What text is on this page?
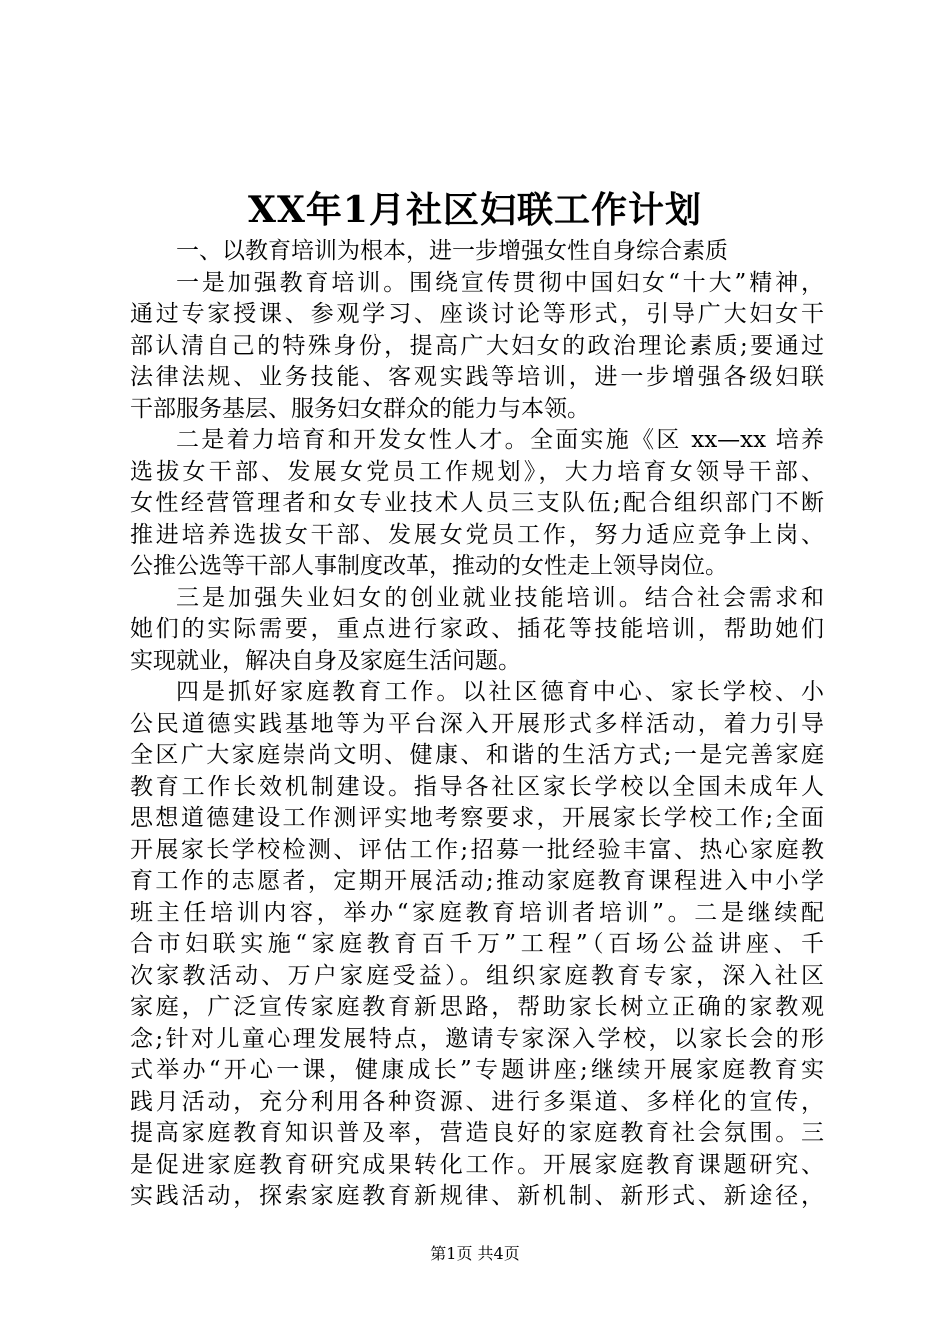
XX年1月社区妇联工作计划
一、以教育培训为根本，进一步增强女性自身综合素质
一是加强教育培训。围绕宣传贯彻中国妇女“十大”精神，
通过专家授课、参观学习、座谈讨论等形式，引导广大妇女干
部认清自己的特殊身份，提高广大妇女的政治理论素质;要通过
法律法规、业务技能、客观实践等培训，进一步增强各级妇联
干部服务基层、服务妇女群众的能力与本领。
二是着力培育和开发女性人才。全面实施《区 xx—xx 培养
选拔女干部、发展女党员工作规划》，大力培育女领导干部、
女性经营管理者和女专业技术人员三支队伍;配合组织部门不断
推进培养选拔女干部、发展女党员工作，努力适应竞争上岗、
公推公选等干部人事制度改革，推动的女性走上领导岗位。
三是加强失业妇女的创业就业技能培训。结合社会需求和
她们的实际需要，重点进行家政、插花等技能培训，帮助她们
实现就业，解决自身及家庭生活问题。
四是抓好家庭教育工作。以社区德育中心、家长学校、小
公民道德实践基地等为平台深入开展形式多样活动，着力引导
全区广大家庭崇尚文明、健康、和谐的生活方式;一是完善家庭
教育工作长效机制建设。指导各社区家长学校以全国未成年人
思想道德建设工作测评实地考察要求，开展家长学校工作;全面
开展家长学校检测、评估工作;招募一批经验丰富、热心家庭教
育工作的志愿者，定期开展活动;推动家庭教育课程进入中小学
班主任培训内容，举办“家庭教育培训者培训”。二是继续配
合市妇联实施“家庭教育百千万”工程”（百场公益讲座、千
次家教活动、万户家庭受益）。组织家庭教育专家，深入社区
家庭，广泛宣传家庭教育新思路，帮助家长树立正确的家教观
念;针对儿童心理发展特点，邀请专家深入学校，以家长会的形
式举办“开心一课，健康成长”专题讲座;继续开展家庭教育实
践月活动，充分利用各种资源、进行多渠道、多样化的宣传，
提高家庭教育知识普及率，营造良好的家庭教育社会氛围。三
是促进家庭教育研究成果转化工作。开展家庭教育课题研究、
实践活动，探索家庭教育新规律、新机制、新形式、新途径，
第1页 共4页
